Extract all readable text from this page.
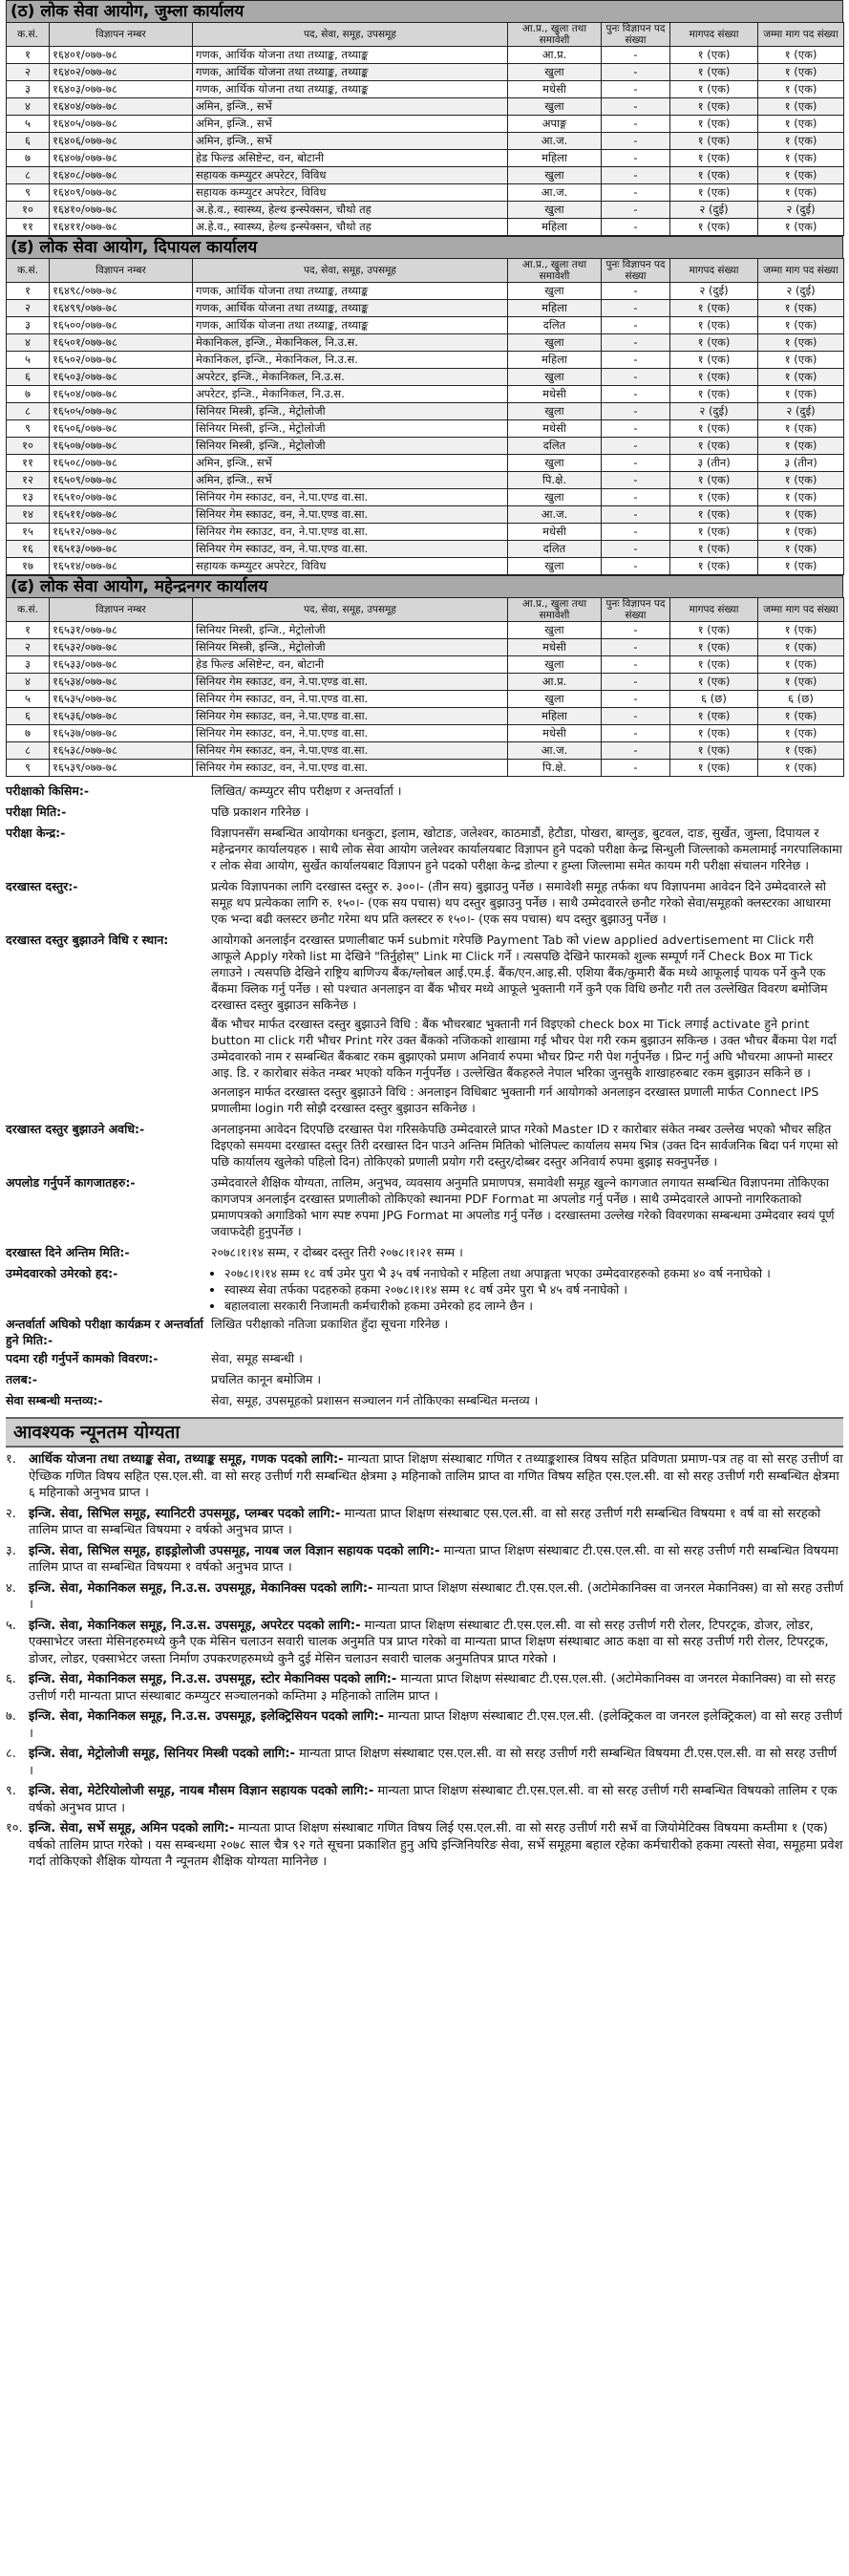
(ठ) लोक सेवा आयोग, जुम्ला कार्यालय
क.सं.	विज्ञापन नम्बर	पद, सेवा, समूह, उपसमूह	आ.प्र., खुला तथा समावेशी	पुनः विज्ञापन पद संख्या	मागपद संख्या	जम्मा माग पद संख्या
१	१६४०१/०७७-७८	गणक, आर्थिक योजना तथा तथ्याङ्क, तथ्याङ्क	आ.प्र.	-	१ (एक)	१ (एक)
२	१६४०२/०७७-७८	गणक, आर्थिक योजना तथा तथ्याङ्क, तथ्याङ्क	खुला	-	१ (एक)	१ (एक)
३	१६४०३/०७७-७८	गणक, आर्थिक योजना तथा तथ्याङ्क, तथ्याङ्क	मधेसी	-	१ (एक)	१ (एक)
४	१६४०४/०७७-७८	अमिन, इन्जि., सर्भे	खुला	-	१ (एक)	१ (एक)
५	१६४०५/०७७-७८	अमिन, इन्जि., सर्भे	अपाङ्ग	-	१ (एक)	१ (एक)
६	१६४०६/०७७-७८	अमिन, इन्जि., सर्भे	आ.ज.	-	१ (एक)	१ (एक)
७	१६४०७/०७७-७८	हेड फिल्ड असिष्टेन्ट, वन, बोटानी	महिला	-	१ (एक)	१ (एक)
८	१६४०८/०७७-७८	सहायक कम्प्युटर अपरेटर, विविध	खुला	-	१ (एक)	१ (एक)
९	१६४०९/०७७-७८	सहायक कम्प्युटर अपरेटर, विविध	आ.ज.	-	१ (एक)	१ (एक)
१०	१६४१०/०७७-७८	अ.हे.व., स्वास्थ्य, हेल्थ इन्स्पेक्सन, चौथो तह	खुला	-	२ (दुई)	२ (दुई)
११	१६४११/०७७-७८	अ.हे.व., स्वास्थ्य, हेल्थ इन्स्पेक्सन, चौथो तह	महिला	-	१ (एक)	१ (एक)
(ड) लोक सेवा आयोग, दिपायल कार्यालय
क.सं.	विज्ञापन नम्बर	पद, सेवा, समूह, उपसमूह	आ.प्र., खुला तथा समावेशी	पुनः विज्ञापन पद संख्या	मागपद संख्या	जम्मा माग पद संख्या
१	१६४९८/०७७-७८	गणक, आर्थिक योजना तथा तथ्याङ्क, तथ्याङ्क	खुला	-	२ (दुई)	२ (दुई)
२	१६४९९/०७७-७८	गणक, आर्थिक योजना तथा तथ्याङ्क, तथ्याङ्क	महिला	-	१ (एक)	१ (एक)
३	१६५००/०७७-७८	गणक, आर्थिक योजना तथा तथ्याङ्क, तथ्याङ्क	दलित	-	१ (एक)	१ (एक)
४	१६५०१/०७७-७८	मेकानिकल, इन्जि., मेकानिकल, नि.उ.स.	खुला	-	१ (एक)	१ (एक)
५	१६५०२/०७७-७८	मेकानिकल, इन्जि., मेकानिकल, नि.उ.स.	महिला	-	१ (एक)	१ (एक)
६	१६५०३/०७७-७८	अपरेटर, इन्जि., मेकानिकल, नि.उ.स.	खुला	-	१ (एक)	१ (एक)
७	१६५०४/०७७-७८	अपरेटर, इन्जि., मेकानिकल, नि.उ.स.	मधेसी	-	१ (एक)	१ (एक)
८	१६५०५/०७७-७८	सिनियर मिस्त्री, इन्जि., मेट्रोलोजी	खुला	-	२ (दुई)	२ (दुई)
९	१६५०६/०७७-७८	सिनियर मिस्त्री, इन्जि., मेट्रोलोजी	मधेसी	-	१ (एक)	१ (एक)
१०	१६५०७/०७७-७८	सिनियर मिस्त्री, इन्जि., मेट्रोलोजी	दलित	-	१ (एक)	१ (एक)
११	१६५०८/०७७-७८	अमिन, इन्जि., सर्भे	खुला	-	३ (तीन)	३ (तीन)
१२	१६५०९/०७७-७८	अमिन, इन्जि., सर्भे	पि.क्षे.	-	१ (एक)	१ (एक)
१३	१६५१०/०७७-७८	सिनियर गेम स्काउट, वन, ने.पा.एण्ड वा.सा.	खुला	-	१ (एक)	१ (एक)
१४	१६५११/०७७-७८	सिनियर गेम स्काउट, वन, ने.पा.एण्ड वा.सा.	आ.ज.	-	१ (एक)	१ (एक)
१५	१६५१२/०७७-७८	सिनियर गेम स्काउट, वन, ने.पा.एण्ड वा.सा.	मधेसी	-	१ (एक)	१ (एक)
१६	१६५१३/०७७-७८	सिनियर गेम स्काउट, वन, ने.पा.एण्ड वा.सा.	दलित	-	१ (एक)	१ (एक)
१७	१६५१४/०७७-७८	सहायक कम्प्युटर अपरेटर, विविध	खुला	-	१ (एक)	१ (एक)
(ढ) लोक सेवा आयोग, महेन्द्रनगर कार्यालय
क.सं.	विज्ञापन नम्बर	पद, सेवा, समूह, उपसमूह	आ.प्र., खुला तथा समावेशी	पुनः विज्ञापन पद संख्या	मागपद संख्या	जम्मा माग पद संख्या
१	१६५३१/०७७-७८	सिनियर मिस्त्री, इन्जि., मेट्रोलोजी	खुला	-	१ (एक)	१ (एक)
२	१६५३२/०७७-७८	सिनियर मिस्त्री, इन्जि., मेट्रोलोजी	मधेसी	-	१ (एक)	१ (एक)
३	१६५३३/०७७-७८	हेड फिल्ड असिष्टेन्ट, वन, बोटानी	खुला	-	१ (एक)	१ (एक)
४	१६५३४/०७७-७८	सिनियर गेम स्काउट, वन, ने.पा.एण्ड वा.सा.	आ.प्र.	-	१ (एक)	१ (एक)
५	१६५३५/०७७-७८	सिनियर गेम स्काउट, वन, ने.पा.एण्ड वा.सा.	खुला	-	६ (छ)	६ (छ)
६	१६५३६/०७७-७८	सिनियर गेम स्काउट, वन, ने.पा.एण्ड वा.सा.	महिला	-	१ (एक)	१ (एक)
७	१६५३७/०७७-७८	सिनियर गेम स्काउट, वन, ने.पा.एण्ड वा.सा.	मधेसी	-	१ (एक)	१ (एक)
८	१६५३८/०७७-७८	सिनियर गेम स्काउट, वन, ने.पा.एण्ड वा.सा.	आ.ज.	-	१ (एक)	१ (एक)
९	१६५३९/०७७-७८	सिनियर गेम स्काउट, वन, ने.पा.एण्ड वा.सा.	पि.क्षे.	-	१ (एक)	१ (एक)
परीक्षाको किसिम:-	लिखित/ कम्प्युटर सीप परीक्षण र अन्तर्वार्ता ।

परीक्षा मिति:-	पछि प्रकाशन गरिनेछ ।

परीक्षा केन्द्र:-	विज्ञापनसँग सम्बन्धित आयोगका धनकुटा, इलाम, खोटाङ, जलेश्वर, काठमाडौं, हेटौडा, पोखरा, बाग्लुङ, बुटवल, दाङ, सुर्खेत, जुम्ला, दिपायल र महेन्द्रनगर कार्यालयहरु । साथै लोक सेवा आयोग जलेश्वर कार्यालयबाट विज्ञापन हुने पदको परीक्षा केन्द्र सिन्धुली जिल्लाको कमलामाई नगरपालिकामा र लोक सेवा आयोग, सुर्खेत कार्यालयबाट विज्ञापन हुने पदको परीक्षा केन्द्र डोल्पा र हुम्ला जिल्लामा समेत कायम गरी परीक्षा संचालन गरिनेछ ।

दरखास्त दस्तुर:-	प्रत्येक विज्ञापनका लागि दरखास्त दस्तुर रु. ३००।- (तीन सय) बुझाउनु पर्नेछ । समावेशी समूह तर्फका थप विज्ञापनमा आवेदन दिने उम्मेदवारले सो समूह थप प्रत्येकका लागि रु. १५०।- (एक सय पचास) थप दस्तुर बुझाउनु पर्नेछ । साथै उम्मेदवारले छनौट गरेको सेवा/समूहको क्लस्टरका आधारमा एक भन्दा बढी क्लस्टर छनौट गरेमा थप प्रति क्लस्टर रु १५०।- (एक सय पचास) थप दस्तुर बुझाउनु पर्नेछ ।

दरखास्त दस्तुर बुझाउने विधि र स्थान:	आयोगको अनलाईन दरखास्त प्रणालीबाट फर्म submit गरेपछि Payment Tab को view applied advertisement मा Click गरी आफूले Apply गरेको list मा देखिने "तिर्नुहोस्" Link मा Click गर्ने । त्यसपछि देखिने फारमको शुल्क सम्पूर्ण गर्ने Check Box मा Tick लगाउने । त्यसपछि देखिने राष्ट्रिय बाणिज्य बैंक/ग्लोबल आई.एम.ई. बैंक/एन.आइ.सी. एशिया बैंक/कुमारी बैंक मध्ये आफूलाई पायक पर्ने कुनै एक बैंकमा क्लिक गर्नु पर्नेछ । सो पश्चात अनलाइन वा बैंक भौचर मध्ये आफूले भुक्तानी गर्ने कुनै एक विधि छनौट गरी तल उल्लेखित विवरण बमोजिम दरखास्त दस्तुर बुझाउन सकिनेछ ।

बैंक भौचर मार्फत दरखास्त दस्तुर बुझाउने विधि : बैंक भौचरबाट भुक्तानी गर्न विइएको check box मा Tick लगाई activate हुने print button मा click गरी भौचर Print गरेर उक्त बैंकको नजिकको शाखामा गई भौचर पेश गरी रकम बुझाउन सकिन्छ । उक्त भौचर बैंकमा पेश गर्दा उम्मेदवारको नाम र सम्बन्धित बैंकबाट रकम बुझाएको प्रमाण अनिवार्य रुपमा भौचर प्रिन्ट गरी पेश गर्नुपर्नेछ । प्रिन्ट गर्नु अघि भौचरमा आफ्नो मास्टर आइ. डि. र कारोबार संकेत नम्बर भएको यकिन गर्नुपर्नेछ । उल्लेखित बैंकहरुले नेपाल भरिका जुनसुकै शाखाहरुबाट रकम बुझाउन सकिने छ ।

अनलाइन मार्फत दरखास्त दस्तुर बुझाउने विधि : अनलाइन विधिबाट भुक्तानी गर्न आयोगको अनलाइन दरखास्त प्रणाली मार्फत Connect IPS प्रणालीमा login गरी सोझै दरखास्त दस्तुर बुझाउन सकिनेछ ।

दरखास्त दस्तुर बुझाउने अवधि:-	अनलाइनमा आवेदन दिएपछि दरखास्त पेश गरिसकेपछि उम्मेदवारले प्राप्त गरेको Master ID र कारोबार संकेत नम्बर उल्लेख भएको भौचर सहित दिइएको समयमा दरखास्त दस्तुर तिरी दरखास्त दिन पाउने अन्तिम मितिको भोलिपल्ट कार्यालय समय भित्र (उक्त दिन सार्वजनिक बिदा पर्न गएमा सो पछि कार्यालय खुलेको पहिलो दिन) तोकिएको प्रणाली प्रयोग गरी दस्तुर/दोब्बर दस्तुर अनिवार्य रुपमा बुझाइ सक्नुपर्नेछ ।

अपलोड गर्नुपर्ने कागजातहरु:-	उम्मेदवारले शैक्षिक योग्यता, तालिम, अनुभव, व्यवसाय अनुमति प्रमाणपत्र, समावेशी समूह खुल्ने कागजात लगायत सम्बन्धित विज्ञापनमा तोकिएका कागजपत्र अनलाईन दरखास्त प्रणालीको तोकिएको स्थानमा PDF Format मा अपलोड गर्नु पर्नेछ । साथै उम्मेदवारले आफ्नो नागरिकताको प्रमाणपत्रको अगाडिको भाग स्पष्ट रुपमा JPG Format मा अपलोड गर्नु पर्नेछ । दरखास्तमा उल्लेख गरेको विवरणका सम्बन्धमा उम्मेदवार स्वयं पूर्ण जवाफदेही हुनुपर्नेछ ।

दरखास्त दिने अन्तिम मिति:-	२०७८।१।१४ सम्म, र दोब्बर दस्तुर तिरी २०७८।१।२१ सम्म ।

उम्मेदवारको उमेरको हद:-	• २०७८।१।१४ सम्म १८ वर्ष उमेर पुरा भै ३५ वर्ष ननाघेको र महिला तथा अपाङ्गता भएका उम्मेदवारहरुको हकमा ४० वर्ष ननाघेको ।
• स्वास्थ्य सेवा तर्फका पदहरुको हकमा २०७८।१।१४ सम्म १८ वर्ष उमेर पुरा भै ४५ वर्ष ननाघेको ।
• बहालवाला सरकारी निजामती कर्मचारीको हकमा उमेरको हद लाग्ने छैन ।
अन्तर्वार्ता अघिको परीक्षा कार्यक्रम र अन्तर्वार्ता हुने मिति:-

लिखित परीक्षाको नतिजा प्रकाशित हुँदा सूचना गरिनेछ ।

पदमा रही गर्नुपर्ने कामको विवरण:-	सेवा, समूह सम्बन्धी ।

तलब:-	प्रचलित कानून बमोजिम ।

सेवा सम्बन्धी मन्तव्य:-	सेवा, समूह, उपसमूहको प्रशासन सञ्चालन गर्न तोकिएका सम्बन्धित मन्तव्य ।

आवश्यक न्यूनतम योग्यता
१.	आर्थिक योजना तथा तथ्याङ्क सेवा, तथ्याङ्क समूह, गणक पदको लागि:- मान्यता प्राप्त शिक्षण संस्थाबाट गणित र तथ्याङ्कशास्त्र विषय सहित प्रविणता प्रमाण-पत्र तह वा सो सरह उत्तीर्ण वा ऐच्छिक गणित विषय सहित एस.एल.सी. वा सो सरह उत्तीर्ण गरी सम्बन्धित क्षेत्रमा ३ महिनाको तालिम प्राप्त वा गणित विषय सहित एस.एल.सी. वा सो सरह उत्तीर्ण गरी सम्बन्धित क्षेत्रमा ६ महिनाको अनुभव प्राप्त ।
२.	इन्जि. सेवा, सिभिल समूह, स्यानिटरी उपसमूह, प्लम्बर पदको लागि:- मान्यता प्राप्त शिक्षण संस्थाबाट एस.एल.सी. वा सो सरह उत्तीर्ण गरी सम्बन्धित विषयमा १ वर्ष वा सो सरहको तालिम प्राप्त वा सम्बन्धित विषयमा २ वर्षको अनुभव प्राप्त ।
३.	इन्जि. सेवा, सिभिल समूह, हाइड्रोलोजी उपसमूह, नायब जल विज्ञान सहायक पदको लागि:- मान्यता प्राप्त शिक्षण संस्थाबाट टी.एस.एल.सी. वा सो सरह उत्तीर्ण गरी सम्बन्धित विषयमा तालिम प्राप्त वा सम्बन्धित विषयमा १ वर्षको अनुभव प्राप्त ।
४.	इन्जि. सेवा, मेकानिकल समूह, नि.उ.स. उपसमूह, मेकानिक्स पदको लागि:- मान्यता प्राप्त शिक्षण संस्थाबाट टी.एस.एल.सी. (अटोमेकानिक्स वा जनरल मेकानिक्स) वा सो सरह उत्तीर्ण ।
५.	इन्जि. सेवा, मेकानिकल समूह, नि.उ.स. उपसमूह, अपरेटर पदको लागि:- मान्यता प्राप्त शिक्षण संस्थाबाट टी.एस.एल.सी. वा सो सरह उत्तीर्ण गरी रोलर, टिपरट्रक, डोजर, लोडर, एक्साभेटर जस्ता मेसिनहरुमध्ये कुनै एक मेसिन चलाउन सवारी चालक अनुमति पत्र प्राप्त गरेको वा मान्यता प्राप्त शिक्षण संस्थाबाट आठ कक्षा वा सो सरह उत्तीर्ण गरी रोलर, टिपरट्रक, डोजर, लोडर, एक्साभेटर जस्ता निर्माण उपकरणहरुमध्ये कुनै दुई मेसिन चलाउन सवारी चालक अनुमतिपत्र प्राप्त गरेको ।
६.	इन्जि. सेवा, मेकानिकल समूह, नि.उ.स. उपसमूह, स्टोर मेकानिक्स पदको लागि:- मान्यता प्राप्त शिक्षण संस्थाबाट टी.एस.एल.सी. (अटोमेकानिक्स वा जनरल मेकानिक्स) वा सो सरह उत्तीर्ण गरी मान्यता प्राप्त संस्थाबाट कम्प्युटर सञ्चालनको कम्तिमा ३ महिनाको तालिम प्राप्त ।
७.	इन्जि. सेवा, मेकानिकल समूह, नि.उ.स. उपसमूह, इलेक्ट्रिसियन पदको लागि:- मान्यता प्राप्त शिक्षण संस्थाबाट टी.एस.एल.सी. (इलेक्ट्रिकल वा जनरल इलेक्ट्रिकल) वा सो सरह उत्तीर्ण ।
८.	इन्जि. सेवा, मेट्रोलोजी समूह, सिनियर मिस्त्री पदको लागि:- मान्यता प्राप्त शिक्षण संस्थाबाट एस.एल.सी. वा सो सरह उत्तीर्ण गरी सम्बन्धित विषयमा टी.एस.एल.सी. वा सो सरह उत्तीर्ण ।
९.	इन्जि. सेवा, मेटेरियोलोजी समूह, नायब मौसम विज्ञान सहायक पदको लागि:- मान्यता प्राप्त शिक्षण संस्थाबाट टी.एस.एल.सी. वा सो सरह उत्तीर्ण गरी सम्बन्धित विषयको तालिम र एक वर्षको अनुभव प्राप्त ।
१०. इन्जि. सेवा, सर्भे समूह, अमिन पदको लागि:- मान्यता प्राप्त शिक्षण संस्थाबाट गणित विषय लिई एस.एल.सी. वा सो सरह उत्तीर्ण गरी सर्भे वा जियोमेटिक्स विषयमा कम्तीमा १ (एक) वर्षको तालिम प्राप्त गरेको । यस सम्बन्धमा २०७८ साल चैत्र ९२ गते सूचना प्रकाशित हुनु अघि इन्जिनियरिङ सेवा, सर्भे समूहमा बहाल रहेका कर्मचारीको हकमा त्यस्तो सेवा, समूहमा प्रवेश गर्दा तोकिएको शैक्षिक योग्यता नै न्यूनतम शैक्षिक योग्यता मानिनेछ ।
